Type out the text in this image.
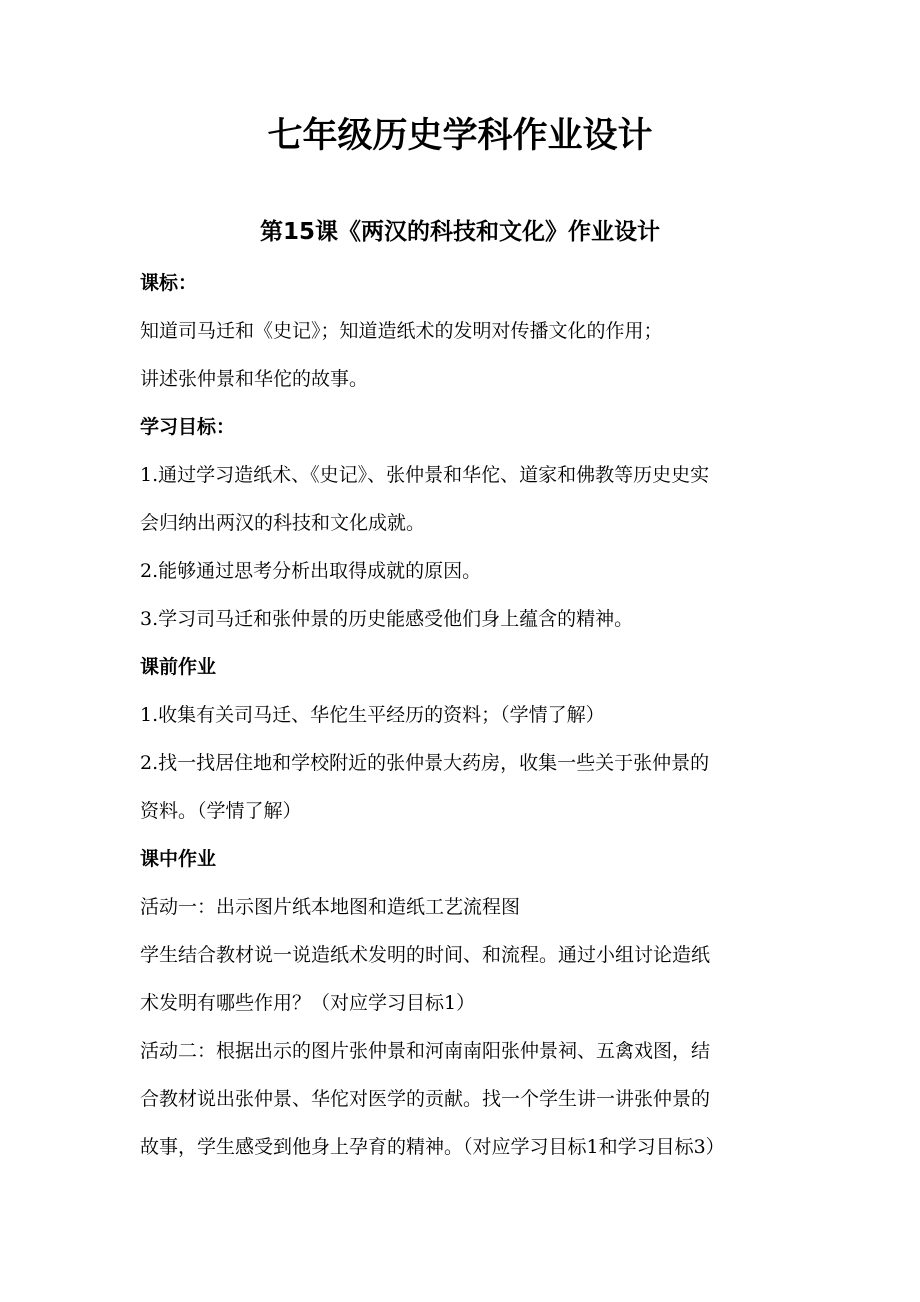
七年级历史学科作业设计
第15课《两汉的科技和文化》作业设计

课标：

知道司马迁和《史记》；知道造纸术的发明对传播文化的作用；

讲述张仲景和华佗的故事。

学习目标：

1.通过学习造纸术、《史记》、张仲景和华佗、道家和佛教等历史史实

会归纳出两汉的科技和文化成就。

2.能够通过思考分析出取得成就的原因。

3.学习司马迁和张仲景的历史能感受他们身上蕴含的精神。

课前作业

1.收集有关司马迁、华佗生平经历的资料；（学情了解）

2.找一找居住地和学校附近的张仲景大药房，收集一些关于张仲景的

资料。（学情了解）

课中作业

活动一：出示图片纸本地图和造纸工艺流程图

学生结合教材说一说造纸术发明的时间、和流程。通过小组讨论造纸

术发明有哪些作用？（对应学习目标1）

活动二：根据出示的图片张仲景和河南南阳张仲景祠、五禽戏图，结

合教材说出张仲景、华佗对医学的贡献。找一个学生讲一讲张仲景的

故事，学生感受到他身上孕育的精神。（对应学习目标1和学习目标3）
